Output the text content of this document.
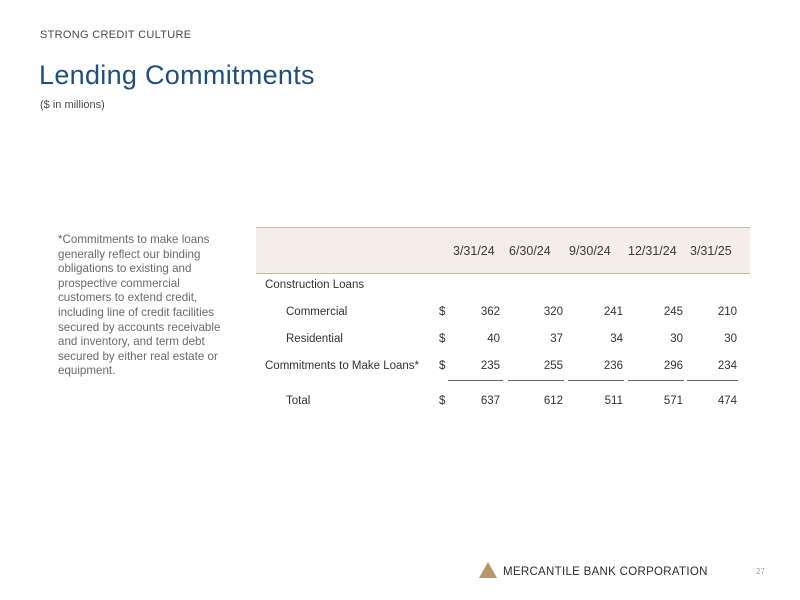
STRONG CREDIT CULTURE
Lending Commitments
($ in millions)
*Commitments to make loans generally reflect our binding obligations to existing and prospective commercial customers to extend credit, including line of credit facilities secured by accounts receivable and inventory, and term debt secured by either real estate or equipment.
3/31/24 6/30/24 9/30/24 12/31/24 3/31/25
Construction Loans
Commercial	$	362	320	241	245	210
Residential	$	40	37	34	30	30
Commitments to Make Loans* $	235	255	236	296	234
Total	$	637	612	511	571	474
MERCANTILE BANK CORPORATION	27
